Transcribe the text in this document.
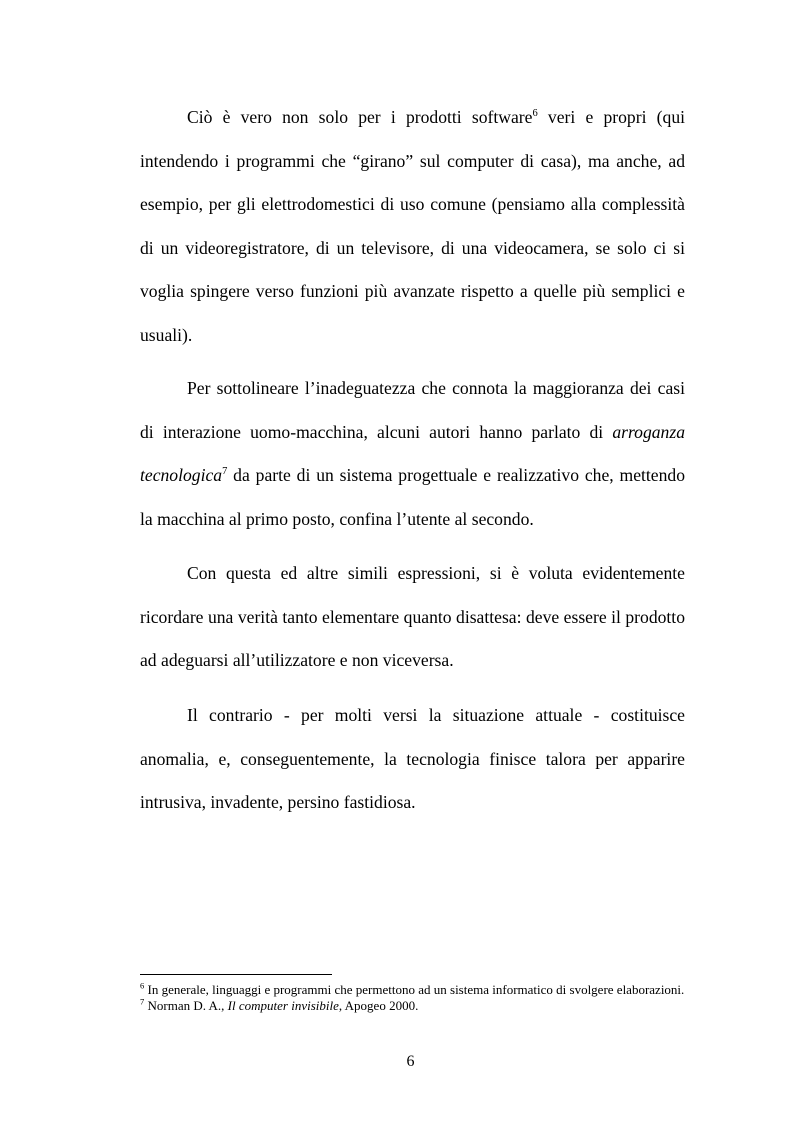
Ciò è vero non solo per i prodotti software$^6$ veri e propri (qui intendendo i programmi che “girano” sul computer di casa), ma anche, ad esempio, per gli elettrodomestici di uso comune (pensiamo alla complessità di un videoregistratore, di un televisore, di una videocamera, se solo ci si voglia spingere verso funzioni più avanzate rispetto a quelle più semplici e usuali).

Per sottolineare l’inadeguatezza che connota la maggioranza dei casi di interazione uomo-macchina, alcuni autori hanno parlato di arroganza tecnologica$^7$ da parte di un sistema progettuale e realizzativo che, mettendo la macchina al primo posto, confina l’utente al secondo.

Con questa ed altre simili espressioni, si è voluta evidentemente ricordare una verità tanto elementare quanto disattesa: deve essere il prodotto ad adeguarsi all’utilizzatore e non viceversa.

Il contrario - per molti versi la situazione attuale - costituisce anomalia, e, conseguentemente, la tecnologia finisce talora per apparire intrusiva, invadente, persino fastidiosa.

$^6$ In generale, linguaggi e programmi che permettono ad un sistema informatico di svolgere elaborazioni.

$^7$ Norman D. A., Il computer invisibile, Apogeo 2000.

6
